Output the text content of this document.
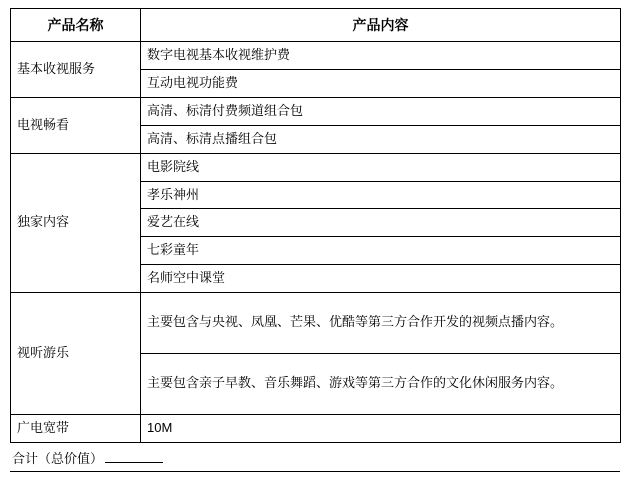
产品名称	产品内容
基本收视服务	数字电视基本收视维护费
	互动电视功能费
电视畅看	高清、标清付费频道组合包
	高清、标清点播组合包
独家内容	电影院线
	孝乐神州
	爱艺在线
	七彩童年
	名师空中课堂
视听游乐	主要包含与央视、凤凰、芒果、优酷等第三方合作开发的视频点播内容。
	主要包含亲子早教、音乐舞蹈、游戏等第三方合作的文化休闲服务内容。
广电宽带	10M
合计（总价值）
